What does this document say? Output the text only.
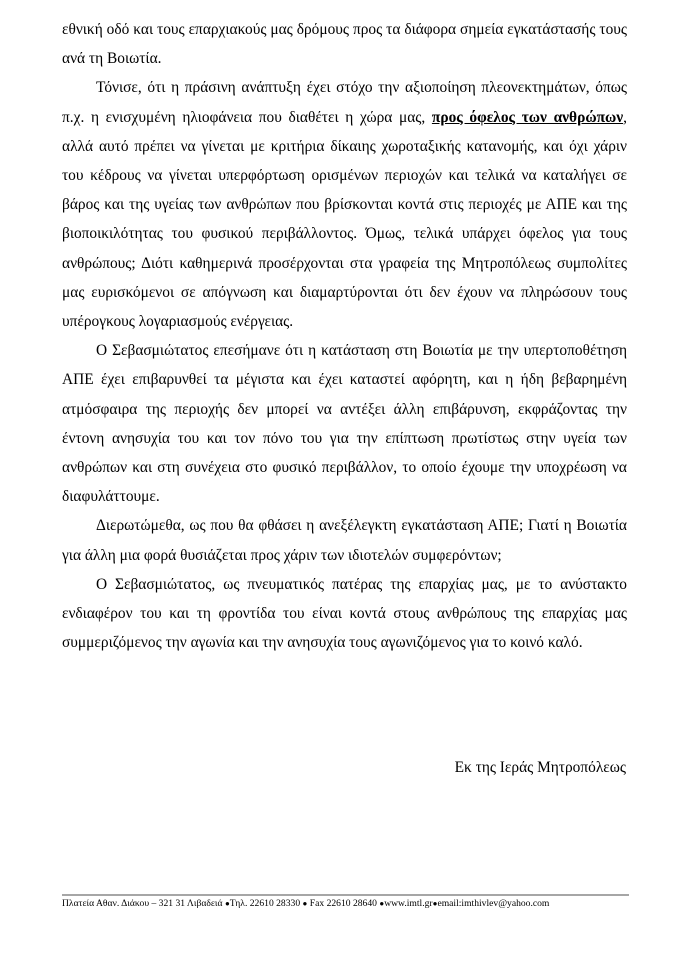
εθνική οδό και τους επαρχιακούς μας δρόμους προς τα διάφορα σημεία εγκατάστασής τους ανά τη Βοιωτία.

Τόνισε, ότι η πράσινη ανάπτυξη έχει στόχο την αξιοποίηση πλεονεκτημάτων, όπως π.χ. η ενισχυμένη ηλιοφάνεια που διαθέτει η χώρα μας, προς όφελος των ανθρώπων, αλλά αυτό πρέπει να γίνεται με κριτήρια δίκαιης χωροταξικής κατανομής, και όχι χάριν του κέδρους να γίνεται υπερφόρτωση ορισμένων περιοχών και τελικά να καταλήγει σε βάρος και της υγείας των ανθρώπων που βρίσκονται κοντά στις περιοχές με ΑΠΕ και της βιοποικιλότητας του φυσικού περιβάλλοντος. Όμως, τελικά υπάρχει όφελος για τους ανθρώπους; Διότι καθημερινά προσέρχονται στα γραφεία της Μητροπόλεως συμπολίτες μας ευρισκόμενοι σε απόγνωση και διαμαρτύρονται ότι δεν έχουν να πληρώσουν τους υπέρογκους λογαριασμούς ενέργειας.

Ο Σεβασμιώτατος επεσήμανε ότι η κατάσταση στη Βοιωτία με την υπερτοποθέτηση ΑΠΕ έχει επιβαρυνθεί τα μέγιστα και έχει καταστεί αφόρητη, και η ήδη βεβαρημένη ατμόσφαιρα της περιοχής δεν μπορεί να αντέξει άλλη επιβάρυνση, εκφράζοντας την έντονη ανησυχία του και τον πόνο του για την επίπτωση πρωτίστως στην υγεία των ανθρώπων και στη συνέχεια στο φυσικό περιβάλλον, το οποίο έχουμε την υποχρέωση να διαφυλάττουμε.

Διερωτώμεθα, ως που θα φθάσει η ανεξέλεγκτη εγκατάσταση ΑΠΕ; Γιατί η Βοιωτία για άλλη μια φορά θυσιάζεται προς χάριν των ιδιοτελών συμφερόντων;

Ο Σεβασμιώτατος, ως πνευματικός πατέρας της επαρχίας μας, με το ανύστακτο ενδιαφέρον του και τη φροντίδα του είναι κοντά στους ανθρώπους της επαρχίας μας συμμεριζόμενος την αγωνία και την ανησυχία τους αγωνιζόμενος για το κοινό καλό.

Εκ της Ιεράς Μητροπόλεως

Πλατεία Αθαν. Διάκου – 321 31 Λιβαδειά ●Τηλ. 22610 28330 ● Fax 22610 28640 ●www.imtl.gr●email:imthivlev@yahoo.com
